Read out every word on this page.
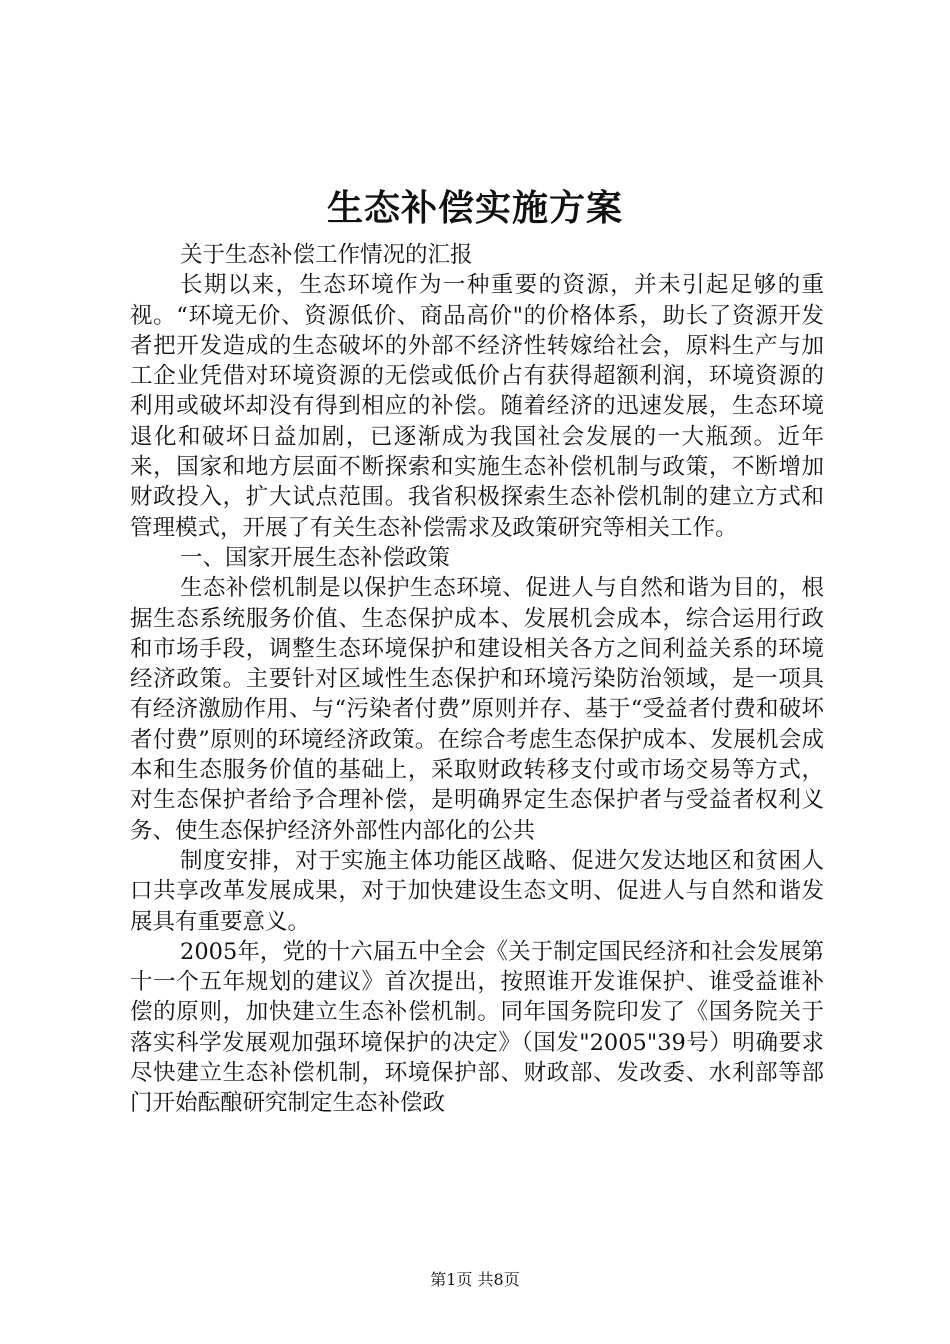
生态补偿实施方案

关于生态补偿工作情况的汇报

长期以来，生态环境作为一种重要的资源，并未引起足够的重视。“环境无价、资源低价、商品高价"的价格体系，助长了资源开发者把开发造成的生态破坏的外部不经济性转嫁给社会，原料生产与加工企业凭借对环境资源的无偿或低价占有获得超额利润，环境资源的利用或破坏却没有得到相应的补偿。随着经济的迅速发展，生态环境退化和破坏日益加剧，已逐渐成为我国社会发展的一大瓶颈。近年来，国家和地方层面不断探索和实施生态补偿机制与政策，不断增加财政投入，扩大试点范围。我省积极探索生态补偿机制的建立方式和管理模式，开展了有关生态补偿需求及政策研究等相关工作。

一、国家开展生态补偿政策

生态补偿机制是以保护生态环境、促进人与自然和谐为目的，根据生态系统服务价值、生态保护成本、发展机会成本，综合运用行政和市场手段，调整生态环境保护和建设相关各方之间利益关系的环境经济政策。主要针对区域性生态保护和环境污染防治领域，是一项具有经济激励作用、与“污染者付费”原则并存、基于“受益者付费和破坏者付费”原则的环境经济政策。在综合考虑生态保护成本、发展机会成本和生态服务价值的基础上，采取财政转移支付或市场交易等方式，对生态保护者给予合理补偿，是明确界定生态保护者与受益者权利义务、使生态保护经济外部性内部化的公共

制度安排，对于实施主体功能区战略、促进欠发达地区和贫困人口共享改革发展成果，对于加快建设生态文明、促进人与自然和谐发展具有重要意义。

2005年，党的十六届五中全会《关于制定国民经济和社会发展第十一个五年规划的建议》首次提出，按照谁开发谁保护、谁受益谁补偿的原则，加快建立生态补偿机制。同年国务院印发了《国务院关于落实科学发展观加强环境保护的决定》（国发"2005"39号）明确要求尽快建立生态补偿机制，环境保护部、财政部、发改委、水利部等部门开始酝酿研究制定生态补偿政

第1页 共8页
